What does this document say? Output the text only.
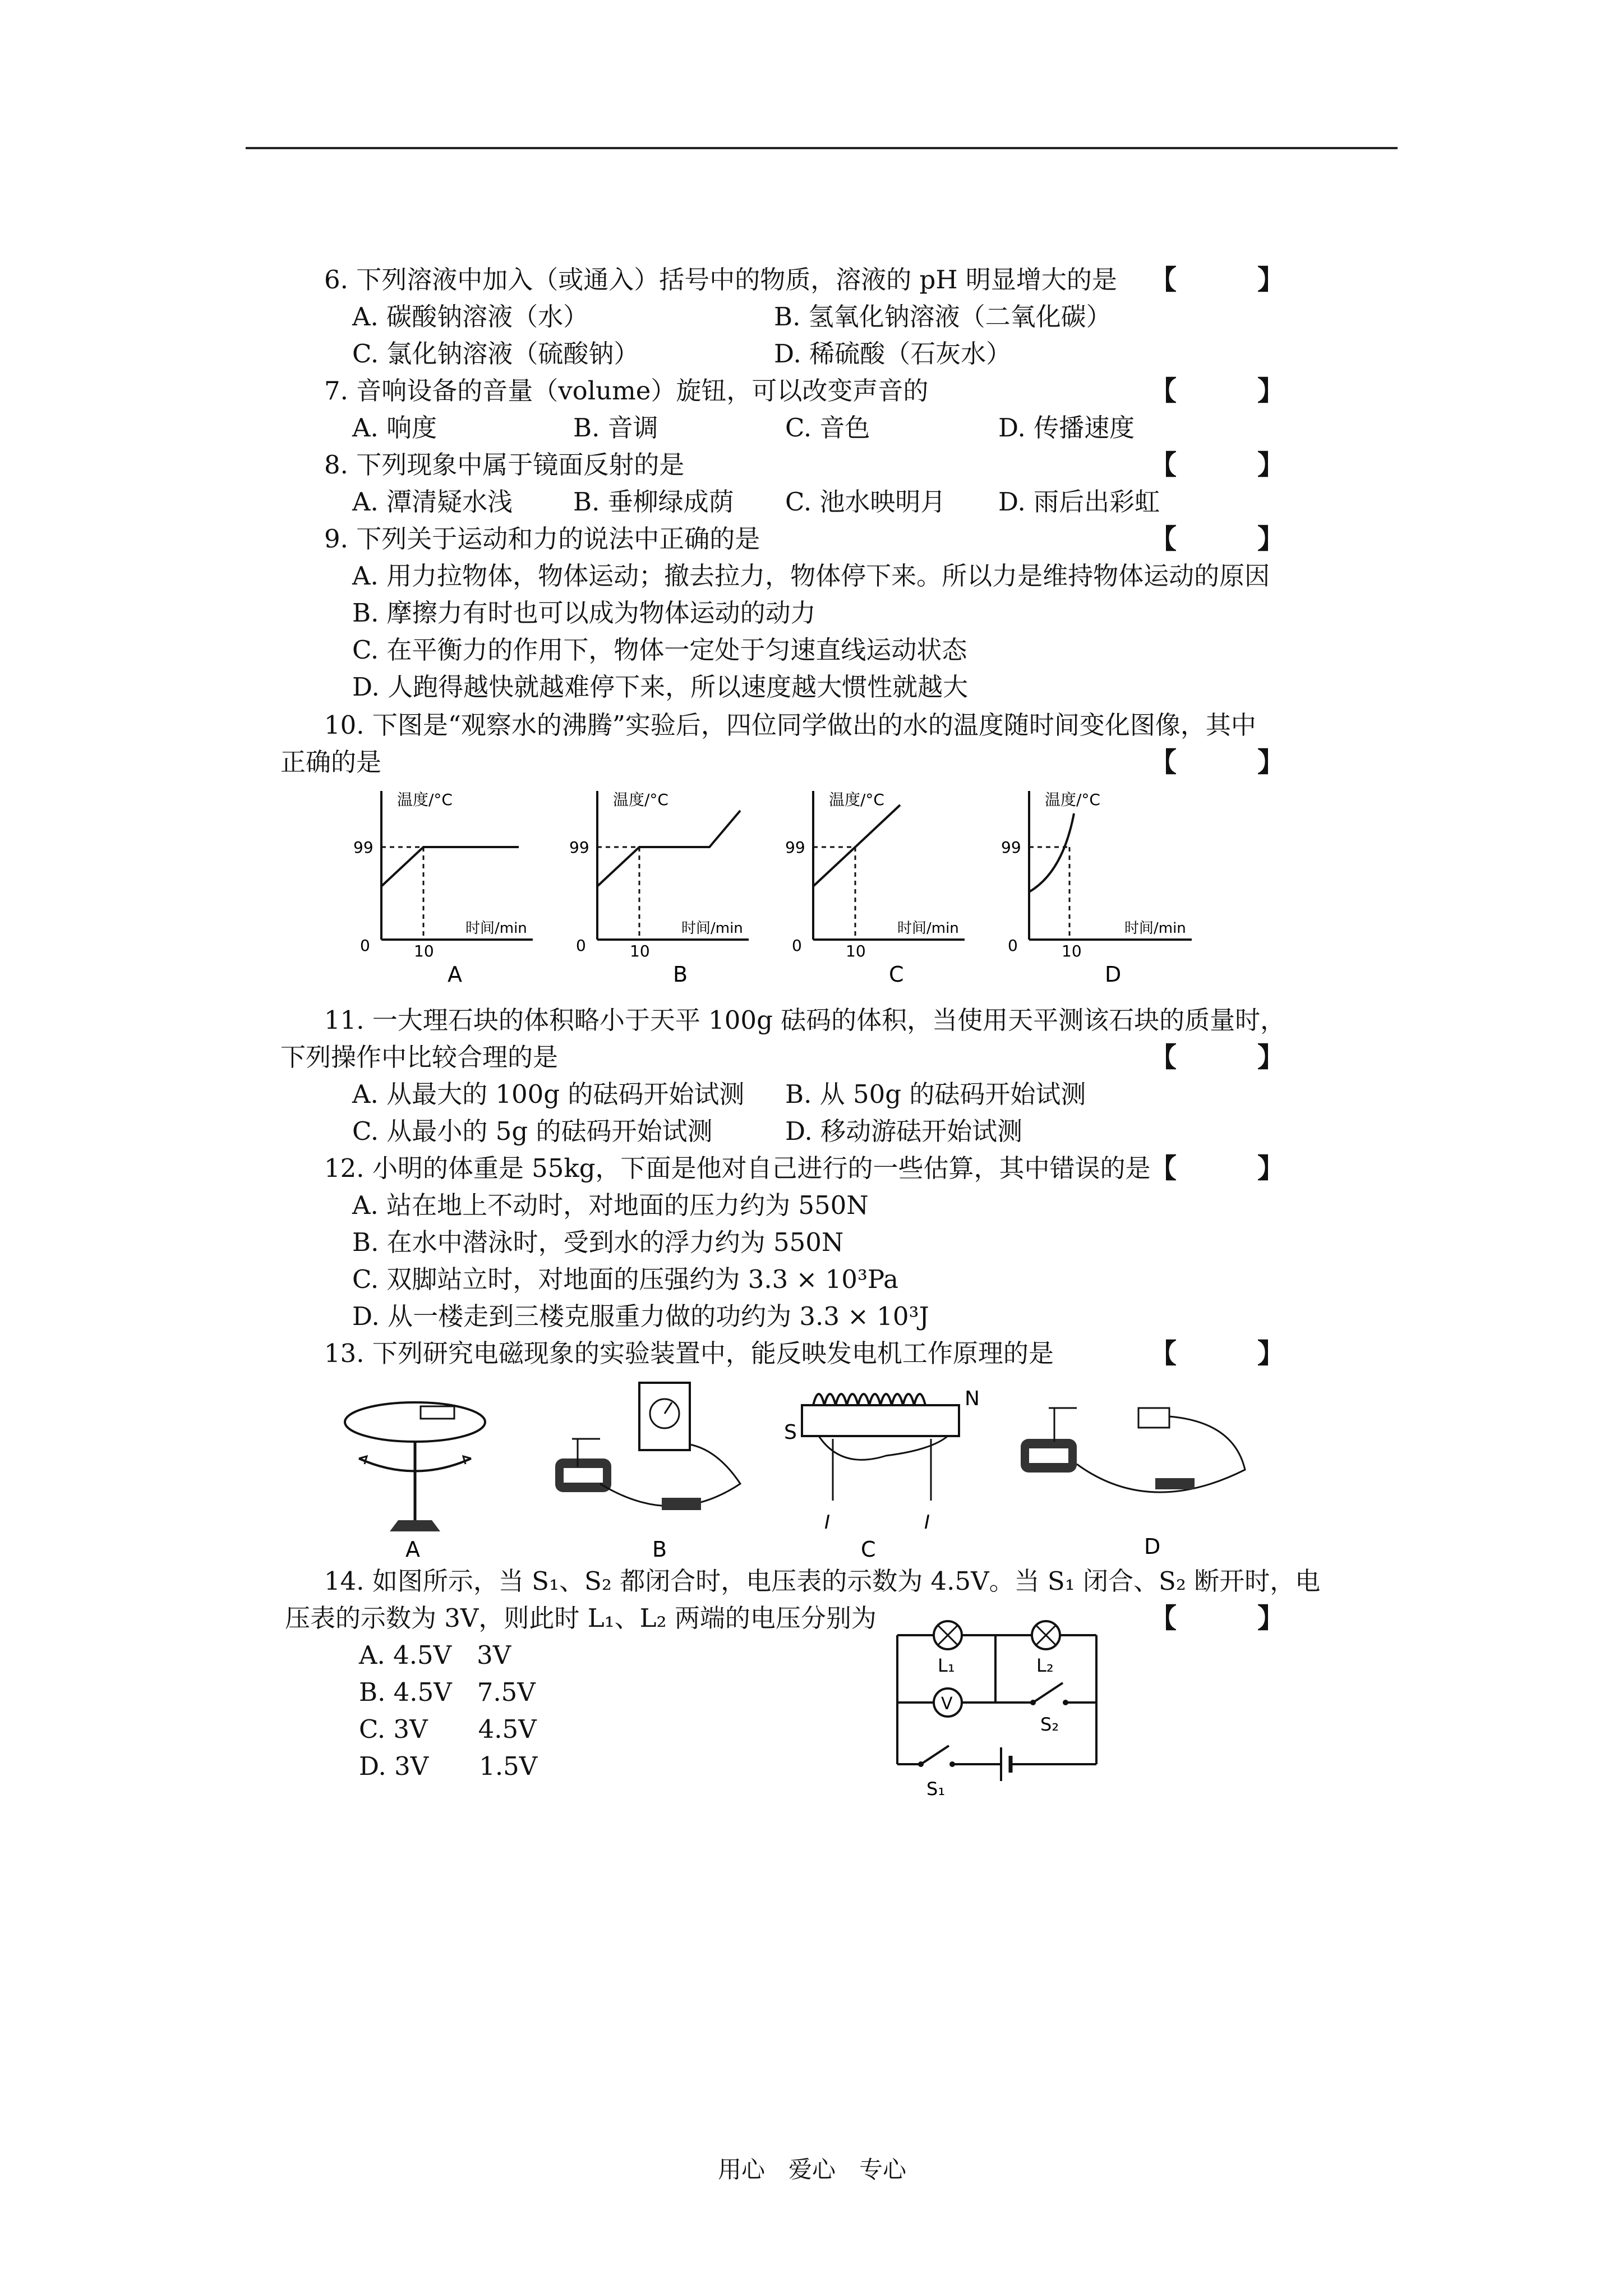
6. 下列溶液中加入（或通入）括号中的物质，溶液的 pH 明显增大的是 【　　　】
A. 碳酸钠溶液（水）	B. 氢氧化钠溶液（二氧化碳）
C. 氯化钠溶液（硫酸钠）	D. 稀硫酸（石灰水）
7. 音响设备的音量（volume）旋钮，可以改变声音的	【　　　】
A. 响度	B. 音调	C. 音色	D. 传播速度
8. 下列现象中属于镜面反射的是	【　　　】
A. 潭清疑水浅 B. 垂柳绿成荫 C. 池水映明月 D. 雨后出彩虹
9. 下列关于运动和力的说法中正确的是	【　　　】
A. 用力拉物体，物体运动；撤去拉力，物体停下来。所以力是维持物体运动的原因
B. 摩擦力有时也可以成为物体运动的动力
C. 在平衡力的作用下，物体一定处于匀速直线运动状态
D. 人跑得越快就越难停下来，所以速度越大惯性就越大
10. 下图是“观察水的沸腾”实验后，四位同学做出的水的温度随时间变化图像，其中
正确的是	【　　　】
温度/°C
99
时间/min
0	10
A
温度/°C
99
时间/min
0	10
B
温度/°C
99
时间/min
0	10
C
温度/°C
99
时间/min
0	10
D
11. 一大理石块的体积略小于天平 100g 砝码的体积，当使用天平测该石块的质量时，
下列操作中比较合理的是	【　　　】
A. 从最大的 100g 的砝码开始试测 B. 从 50g 的砝码开始试测
C. 从最小的 5g 的砝码开始试测	D. 移动游砝开始试测
12. 小明的体重是 55kg，下面是他对自己进行的一些估算，其中错误的是
【　　　】
A. 站在地上不动时，对地面的压力约为 550N
B. 在水中潜泳时，受到水的浮力约为 550N
C. 双脚站立时，对地面的压强约为 3.3 × 10³Pa
D. 从一楼走到三楼克服重力做的功约为 3.3 × 10³J
13. 下列研究电磁现象的实验装置中，能反映发电机工作原理的是	【　　　】
A	B
S
N
I	I
C	D
14. 如图所示，当 S₁、S₂ 都闭合时，电压表的示数为 4.5V。当 S₁ 闭合、S₂ 断开时，电
压表的示数为 3V，则此时 L₁、L₂ 两端的电压分别为	【　　　】
A. 4.5V　3V
B. 4.5V　7.5V
C. 3V　　4.5V
D. 3V　　1.5V
L₁	L₂
V
S₂
S₁
用心　爱心　专心
